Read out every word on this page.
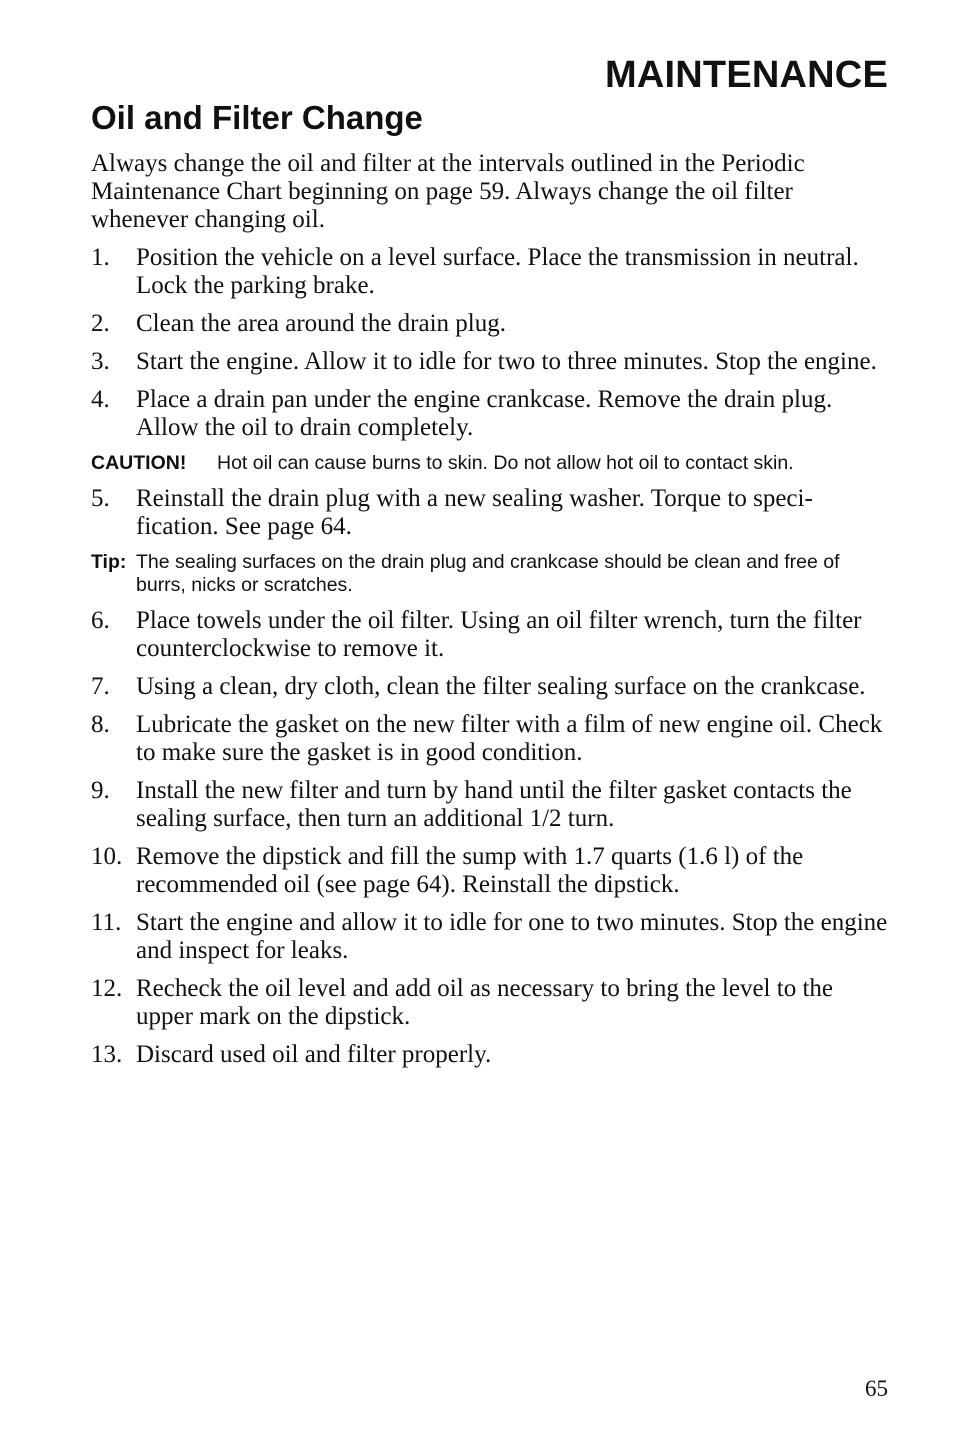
MAINTENANCE
Oil and Filter Change

Always change the oil and filter at the intervals outlined in the Periodic Maintenance Chart beginning on page 59. Always change the oil filter whenever changing oil.

1.	Position the vehicle on a level surface. Place the transmission in neutral. Lock the parking brake.
2.	Clean the area around the drain plug.
3.	Start the engine. Allow it to idle for two to three minutes. Stop the engine.
4.	Place a drain pan under the engine crankcase. Remove the drain plug. Allow the oil to drain completely.
CAUTION!	Hot oil can cause burns to skin. Do not allow hot oil to contact skin.
5.	Reinstall the drain plug with a new sealing washer. Torque to speci-fication. See page 64.
Tip: The sealing surfaces on the drain plug and crankcase should be clean and free of burrs, nicks or scratches.
6.	Place towels under the oil filter. Using an oil filter wrench, turn the filter counterclockwise to remove it.
7.	Using a clean, dry cloth, clean the filter sealing surface on the crankcase.
8.	Lubricate the gasket on the new filter with a film of new engine oil. Check to make sure the gasket is in good condition.
9.	Install the new filter and turn by hand until the filter gasket contacts the sealing surface, then turn an additional 1/2 turn.
10. Remove the dipstick and fill the sump with 1.7 quarts (1.6 l) of the recommended oil (see page 64). Reinstall the dipstick.
11. Start the engine and allow it to idle for one to two minutes. Stop the engine and inspect for leaks.
12. Recheck the oil level and add oil as necessary to bring the level to the upper mark on the dipstick.
13. Discard used oil and filter properly.
65
